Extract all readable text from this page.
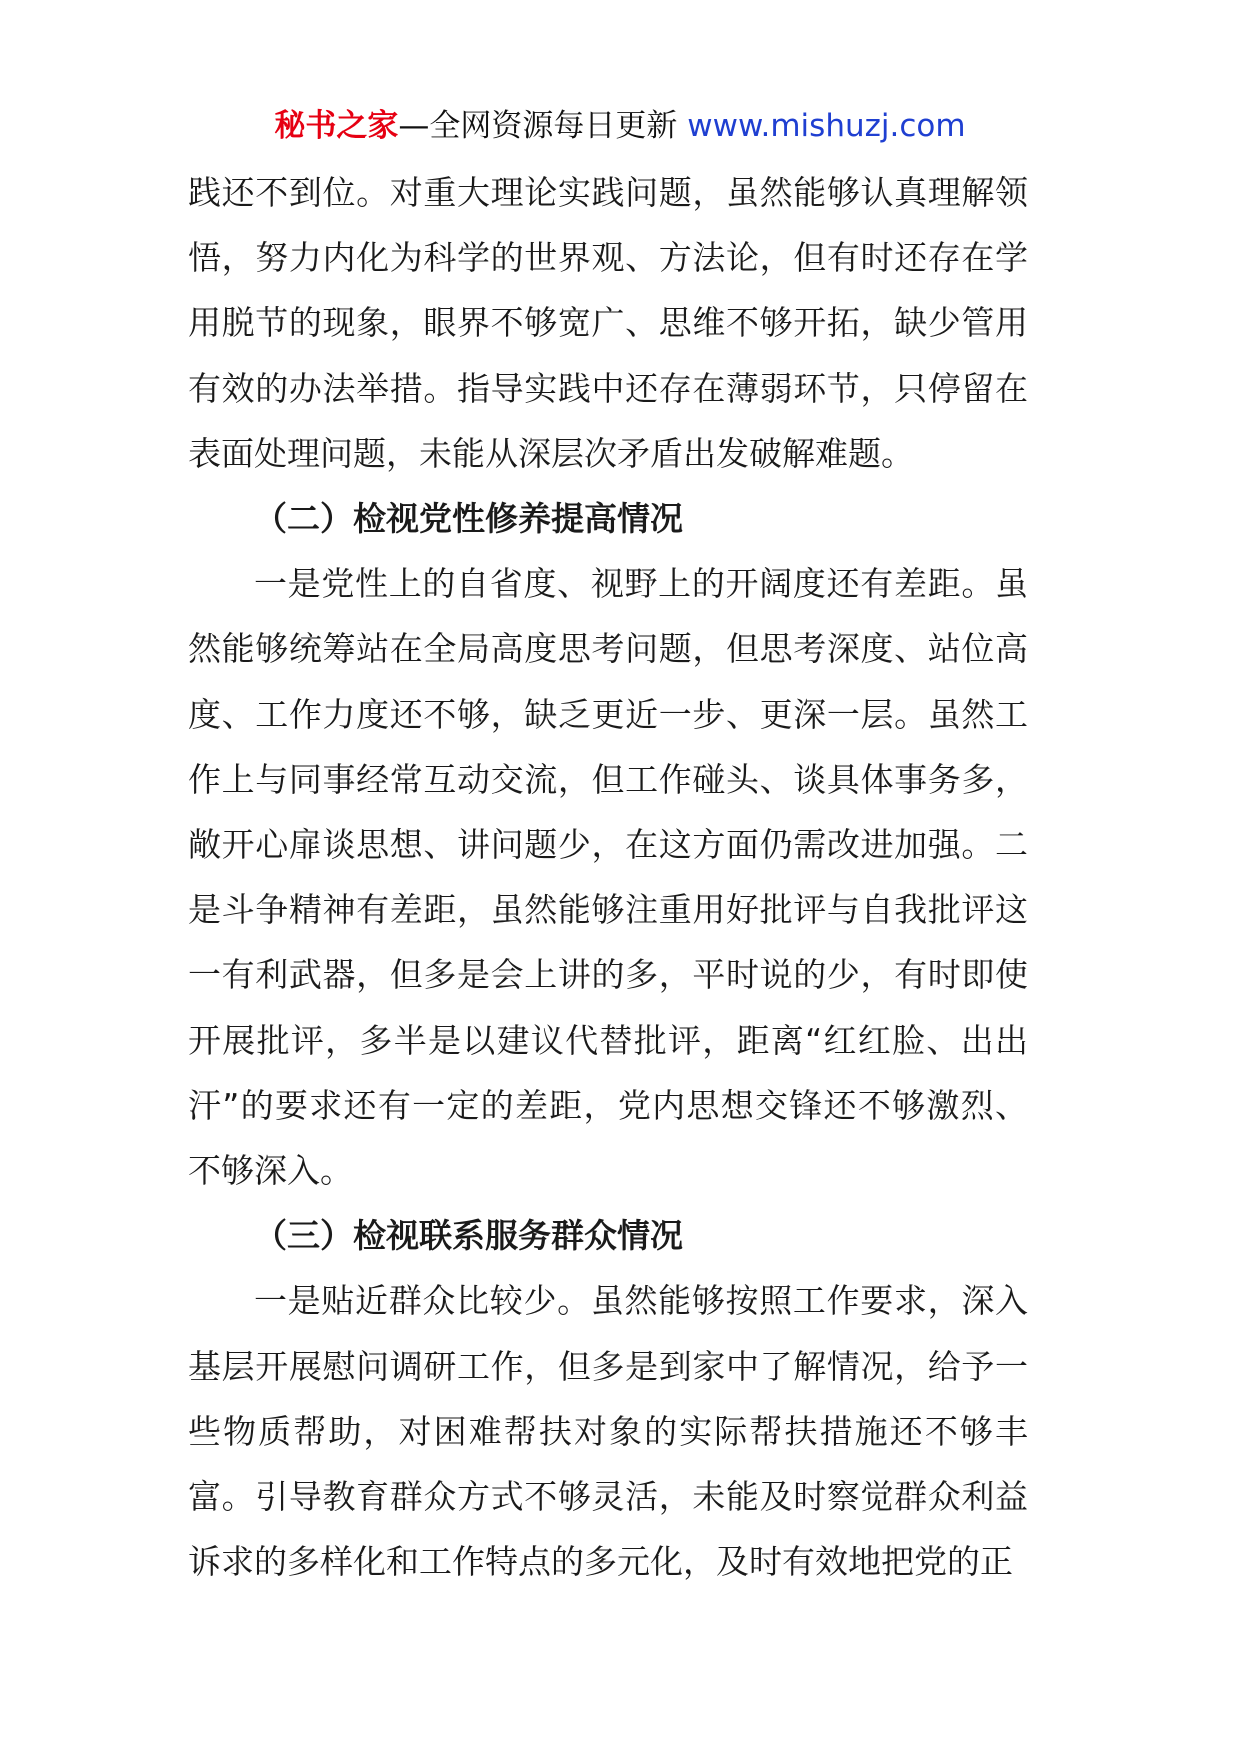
秘书之家—全网资源每日更新 www.mishuzj.com

践还不到位。对重大理论实践问题，虽然能够认真理解领悟，努力内化为科学的世界观、方法论，但有时还存在学用脱节的现象，眼界不够宽广、思维不够开拓，缺少管用有效的办法举措。指导实践中还存在薄弱环节，只停留在表面处理问题，未能从深层次矛盾出发破解难题。

（二）检视党性修养提高情况

一是党性上的自省度、视野上的开阔度还有差距。虽然能够统筹站在全局高度思考问题，但思考深度、站位高度、工作力度还不够，缺乏更近一步、更深一层。虽然工作上与同事经常互动交流，但工作碰头、谈具体事务多，敞开心扉谈思想、讲问题少，在这方面仍需改进加强。二是斗争精神有差距，虽然能够注重用好批评与自我批评这一有利武器，但多是会上讲的多，平时说的少，有时即使开展批评，多半是以建议代替批评，距离“红红脸、出出汗”的要求还有一定的差距，党内思想交锋还不够激烈、不够深入。

（三）检视联系服务群众情况

一是贴近群众比较少。虽然能够按照工作要求，深入基层开展慰问调研工作，但多是到家中了解情况，给予一些物质帮助，对困难帮扶对象的实际帮扶措施还不够丰富。引导教育群众方式不够灵活，未能及时察觉群众利益诉求的多样化和工作特点的多元化，及时有效地把党的正
